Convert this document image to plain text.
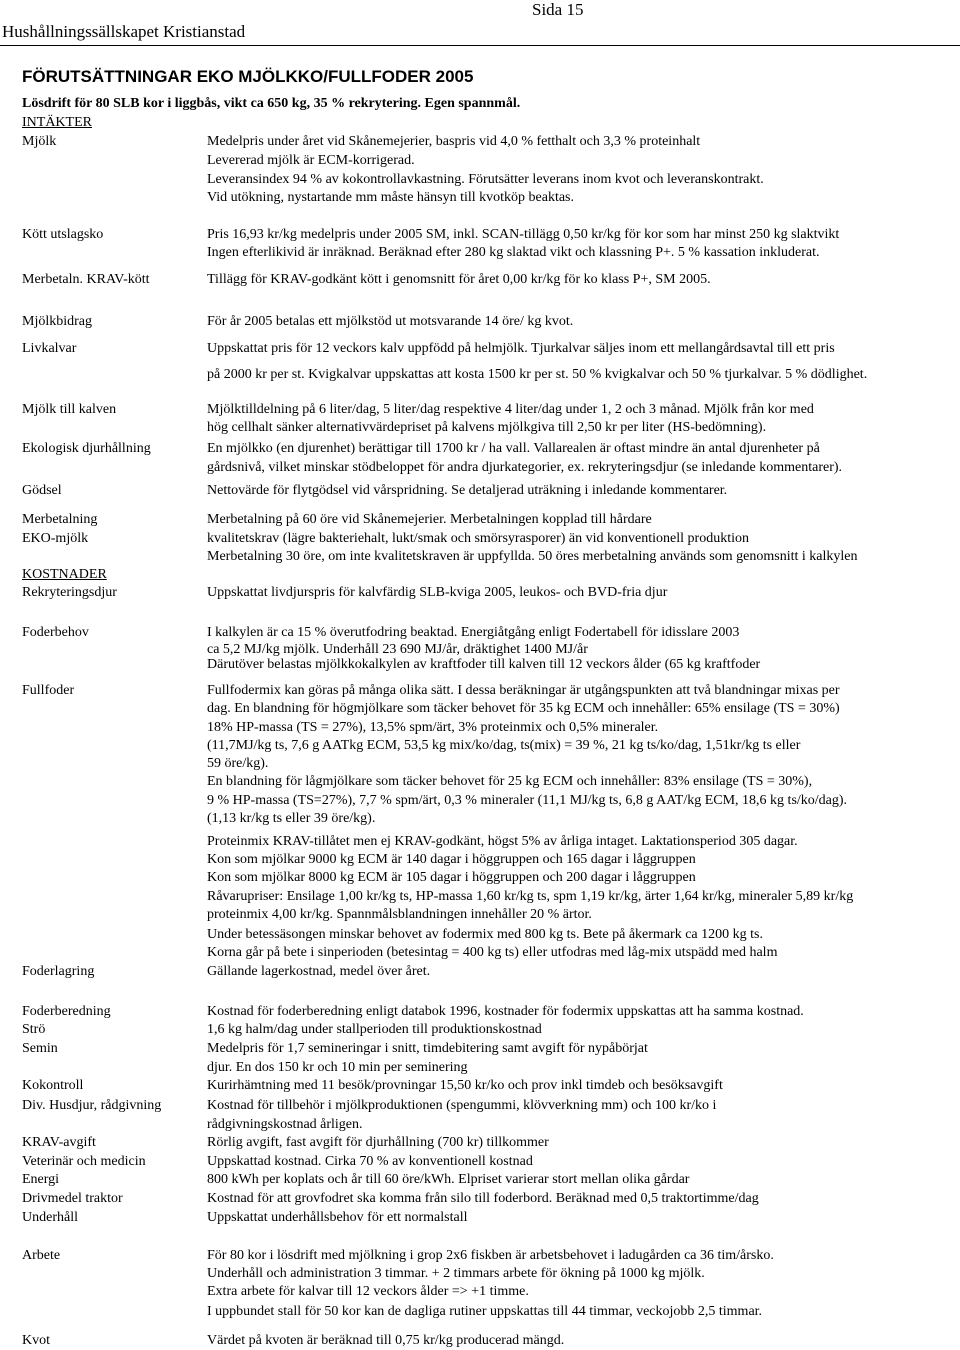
Hushållningssällskapet Kristianstad
Sida 15
FÖRUTSÄTTNINGAR EKO MJÖLKKO/FULLFODER 2005
Lösdrift för 80 SLB kor i liggbås, vikt ca 650 kg, 35 % rekrytering. Egen spannmål.
INTÄKTER
Mjölk	Medelpris under året vid Skånemejerier, baspris vid 4,0 % fetthalt och 3,3 % proteinhalt
Levererad mjölk är ECM-korrigerad.
Leveransindex 94 % av kokontrollavkastning. Förutsätter leverans inom kvot och leveranskontrakt.
Vid utökning, nystartande mm måste hänsyn till kvotköp beaktas.
Kött utslagsko	Pris 16,93 kr/kg medelpris under 2005 SM, inkl. SCAN-tillägg 0,50 kr/kg för kor som har minst 250 kg slaktvikt
Ingen efterlikivid är inräknad. Beräknad efter 280 kg slaktad vikt och klassning P+. 5 % kassation inkluderat.
Merbetaln. KRAV-kött	Tillägg för KRAV-godkänt kött i genomsnitt för året 0,00 kr/kg för ko klass P+, SM 2005.
Mjölkbidrag	För år 2005 betalas ett mjölkstöd ut motsvarande 14 öre/ kg kvot.
Livkalvar	Uppskattat pris för 12 veckors kalv uppfödd på helmjölk. Tjurkalvar säljes inom ett mellangårdsavtal till ett pris
på 2000 kr per st. Kvigkalvar uppskattas att kosta 1500 kr per st. 50 % kvigkalvar och 50 % tjurkalvar. 5 % dödlighet.
Mjölk till kalven	Mjölktilldelning på 6 liter/dag, 5 liter/dag respektive 4 liter/dag under 1, 2 och 3 månad. Mjölk från kor med
hög cellhalt sänker alternativvärdepriset på kalvens mjölkgiva till 2,50 kr per liter (HS-bedömning).
Ekologisk djurhållning	En mjölkko (en djurenhet) berättigar till 1700 kr / ha vall. Vallarealen är oftast mindre än antal djurenheter på
gårdsnivå, vilket minskar stödbeloppet för andra djurkategorier, ex. rekryteringsdjur (se inledande kommentarer).
Gödsel	Nettovärde för flytgödsel vid vårspridning. Se detaljerad uträkning i inledande kommentarer.
Merbetalning	Merbetalning på 60 öre vid Skånemejerier. Merbetalningen kopplad till hårdare
EKO-mjölk	kvalitetskrav (lägre bakteriehalt, lukt/smak och smörsyrasporer) än vid konventionell produktion
Merbetalning 30 öre, om inte kvalitetskraven är uppfyllda. 50 öres merbetalning används som genomsnitt i kalkylen
KOSTNADER
Rekryteringsdjur	Uppskattat livdjurspris för kalvfärdig SLB-kviga 2005, leukos- och BVD-fria djur
Foderbehov	I kalkylen är ca 15 % överutfodring beaktad. Energiåtgång enligt Fodertabell för idisslare 2003
ca 5,2 MJ/kg mjölk. Underhåll 23 690 MJ/år, dräktighet 1400 MJ/år
Därutöver belastas mjölkkokalkylen av kraftfoder till kalven till 12 veckors ålder (65 kg kraftfoder
Fullfoder	Fullfodermix kan göras på många olika sätt. I dessa beräkningar är utgångspunkten att två blandningar mixas per
dag. En blandning för högmjölkare som täcker behovet för 35 kg ECM och innehåller: 65% ensilage (TS = 30%)
18% HP-massa (TS = 27%), 13,5% spm/ärt, 3% proteinmix och 0,5% mineraler.
(11,7MJ/kg ts, 7,6 g AATkg ECM, 53,5 kg mix/ko/dag, ts(mix) = 39 %, 21 kg ts/ko/dag, 1,51kr/kg ts eller
59 öre/kg).
En blandning för lågmjölkare som täcker behovet för 25 kg ECM och innehåller: 83% ensilage (TS = 30%),
9 % HP-massa (TS=27%), 7,7 % spm/ärt, 0,3 % mineraler (11,1 MJ/kg ts, 6,8 g AAT/kg ECM, 18,6 kg ts/ko/dag).
(1,13 kr/kg ts eller 39 öre/kg).
Proteinmix KRAV-tillåtet men ej KRAV-godkänt, högst 5% av årliga intaget. Laktationsperiod 305 dagar.
Kon som mjölkar 9000 kg ECM är 140 dagar i höggruppen och 165 dagar i låggruppen
Kon som mjölkar 8000 kg ECM är 105 dagar i höggruppen och 200 dagar i låggruppen
Råvarupriser: Ensilage 1,00 kr/kg ts, HP-massa 1,60 kr/kg ts, spm 1,19 kr/kg, ärter 1,64 kr/kg, mineraler 5,89 kr/kg
proteinmix 4,00 kr/kg. Spannmålsblandningen innehåller 20 % ärtor.
Under betessäsongen minskar behovet av fodermix med 800 kg ts. Bete på åkermark ca 1200 kg ts.
Korna går på bete i sinperioden (betesintag = 400 kg ts) eller utfodras med låg-mix utspädd med halm
Foderlagring	Gällande lagerkostnad, medel över året.
Foderberedning	Kostnad för foderberedning enligt databok 1996, kostnader för fodermix uppskattas att ha samma kostnad.
Strö	1,6 kg halm/dag under stallperioden till produktionskostnad
Semin	Medelpris för 1,7 semineringar i snitt, timdebitering samt avgift för nypåbörjat
djur. En dos 150 kr och 10 min per seminering
Kokontroll	Kurirhämtning med 11 besök/provningar 15,50 kr/ko och prov inkl timdeb och besöksavgift
Div. Husdjur, rådgivning	Kostnad för tillbehör i mjölkproduktionen (spengummi, klövverkning mm) och 100 kr/ko i
rådgivningskostnad årligen.
KRAV-avgift	Rörlig avgift, fast avgift för djurhållning (700 kr) tillkommer
Veterinär och medicin	Uppskattad kostnad. Cirka 70 % av konventionell kostnad
Energi	800 kWh per koplats och år till 60 öre/kWh. Elpriset varierar stort mellan olika gårdar
Drivmedel traktor	Kostnad för att grovfodret ska komma från silo till foderbord. Beräknad med 0,5 traktortimme/dag
Underhåll	Uppskattat underhållsbehov för ett normalstall
Arbete	För 80 kor i lösdrift med mjölkning i grop 2x6 fiskben är arbetsbehovet i ladugården ca 36 tim/årsko.
Underhåll och administration 3 timmar. + 2 timmars arbete för ökning på 1000 kg mjölk.
Extra arbete för kalvar till 12 veckors ålder => +1 timme.
I uppbundet stall för 50 kor kan de dagliga rutiner uppskattas till 44 timmar, veckojobb 2,5 timmar.
Kvot	Värdet på kvoten är beräknad till 0,75 kr/kg producerad mängd.
